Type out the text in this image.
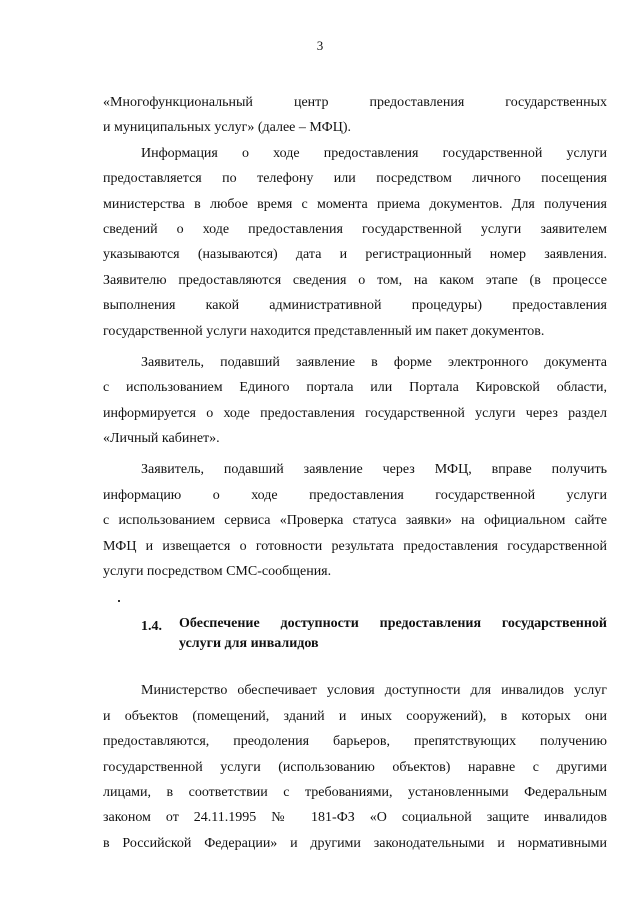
3

«Многофункциональный центр предоставления государственных
и муниципальных услуг» (далее – МФЦ).

Информация о ходе предоставления государственной услуги
предоставляется по телефону или посредством личного посещения
министерства в любое время с момента приема документов. Для получения
сведений о ходе предоставления государственной услуги заявителем
указываются (называются) дата и регистрационный номер заявления.
Заявителю предоставляются сведения о том, на каком этапе (в процессе
выполнения какой административной процедуры) предоставления
государственной услуги находится представленный им пакет документов.

Заявитель, подавший заявление в форме электронного документа
с использованием Единого портала или Портала Кировской области,
информируется о ходе предоставления государственной услуги через раздел
«Личный кабинет».

Заявитель, подавший заявление через МФЦ, вправе получить
информацию о ходе предоставления государственной услуги
с использованием сервиса «Проверка статуса заявки» на официальном сайте
МФЦ и извещается о готовности результата предоставления государственной
услуги посредством СМС-сообщения.

1.4.	Обеспечение доступности предоставления государственной
услуги для инвалидов

Министерство обеспечивает условия доступности для инвалидов услуг
и объектов (помещений, зданий и иных сооружений), в которых они
предоставляются, преодоления барьеров, препятствующих получению
государственной услуги (использованию объектов) наравне с другими
лицами, в соответствии с требованиями, установленными Федеральным
законом от 24.11.1995 № 181-ФЗ «О социальной защите инвалидов
в Российской Федерации» и другими законодательными и нормативными
